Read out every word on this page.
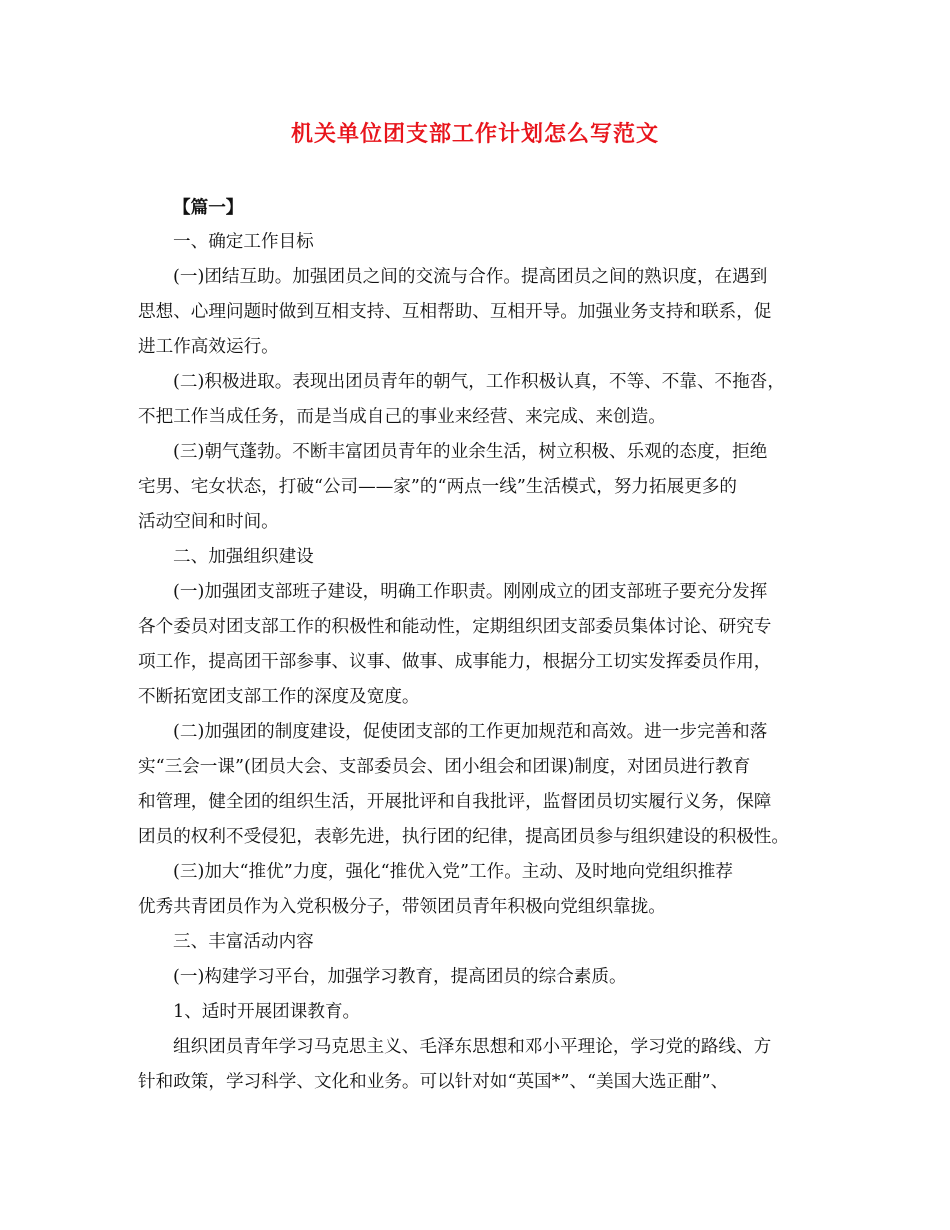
机关单位团支部工作计划怎么写范文
【篇一】
一、确定工作目标
(一)团结互助。加强团员之间的交流与合作。提高团员之间的熟识度，在遇到
思想、心理问题时做到互相支持、互相帮助、互相开导。加强业务支持和联系，促
进工作高效运行。
(二)积极进取。表现出团员青年的朝气，工作积极认真，不等、不靠、不拖沓，
不把工作当成任务，而是当成自己的事业来经营、来完成、来创造。
(三)朝气蓬勃。不断丰富团员青年的业余生活，树立积极、乐观的态度，拒绝
宅男、宅女状态，打破“公司——家”的“两点一线”生活模式，努力拓展更多的
活动空间和时间。
二、加强组织建设
(一)加强团支部班子建设，明确工作职责。刚刚成立的团支部班子要充分发挥
各个委员对团支部工作的积极性和能动性，定期组织团支部委员集体讨论、研究专
项工作，提高团干部参事、议事、做事、成事能力，根据分工切实发挥委员作用，
不断拓宽团支部工作的深度及宽度。
(二)加强团的制度建设，促使团支部的工作更加规范和高效。进一步完善和落
实“三会一课”(团员大会、支部委员会、团小组会和团课)制度，对团员进行教育
和管理，健全团的组织生活，开展批评和自我批评，监督团员切实履行义务，保障
团员的权利不受侵犯，表彰先进，执行团的纪律，提高团员参与组织建设的积极性。
(三)加大“推优”力度，强化“推优入党”工作。主动、及时地向党组织推荐
优秀共青团员作为入党积极分子，带领团员青年积极向党组织靠拢。
三、丰富活动内容
(一)构建学习平台，加强学习教育，提高团员的综合素质。
1、适时开展团课教育。
组织团员青年学习马克思主义、毛泽东思想和邓小平理论，学习党的路线、方
针和政策，学习科学、文化和业务。可以针对如“英国*”、“美国大选正酣”、
